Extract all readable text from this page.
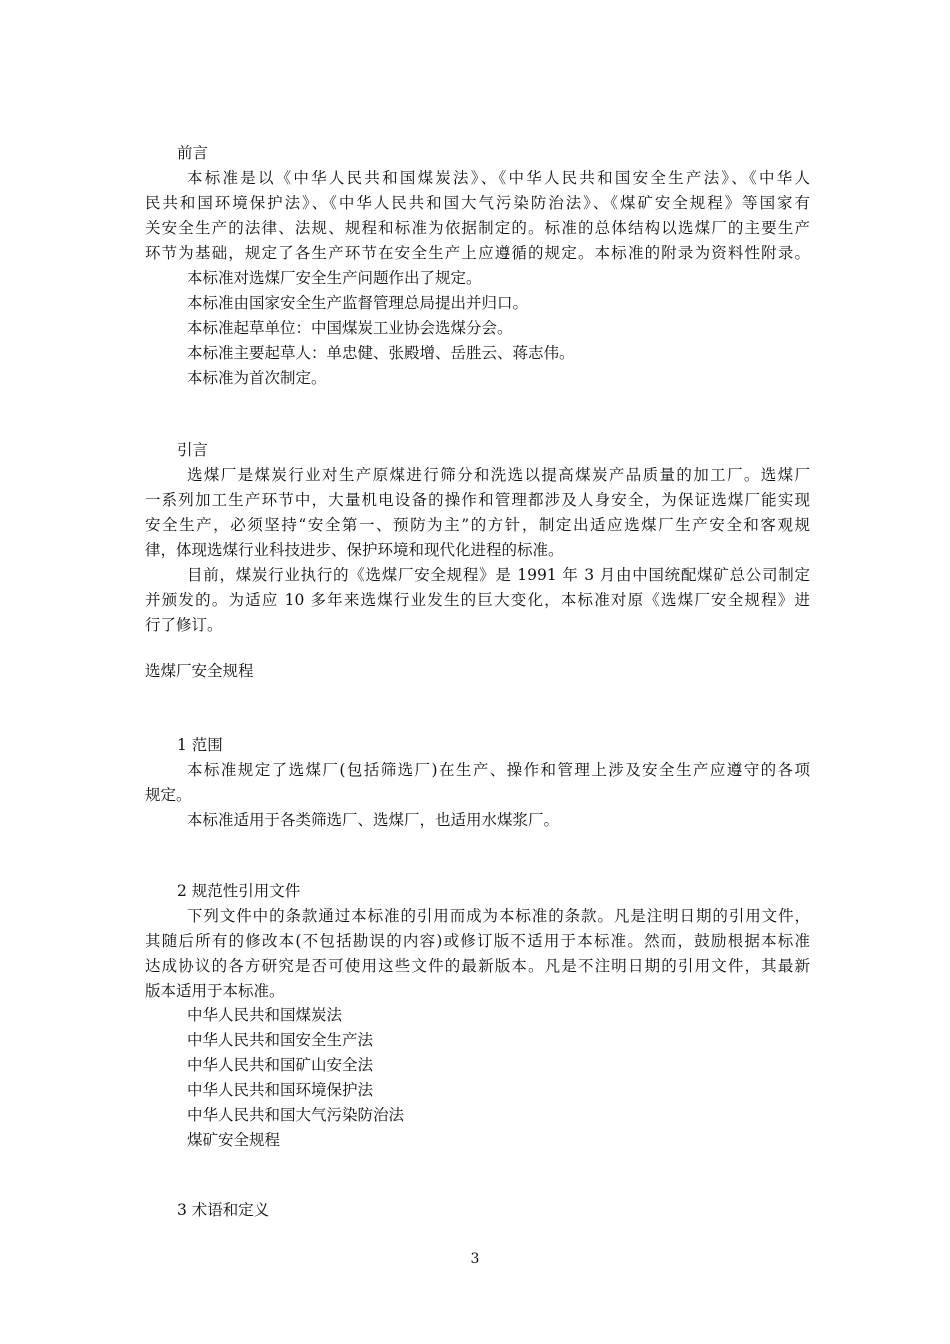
前言
本标准是以《中华人民共和国煤炭法》、《中华人民共和国安全生产法》、《中华人
民共和国环境保护法》、《中华人民共和国大气污染防治法》、《煤矿安全规程》等国家有
关安全生产的法律、法规、规程和标准为依据制定的。标准的总体结构以选煤厂的主要生产
环节为基础，规定了各生产环节在安全生产上应遵循的规定。本标准的附录为资料性附录。
本标准对选煤厂安全生产问题作出了规定。
本标准由国家安全生产监督管理总局提出并归口。
本标准起草单位：中国煤炭工业协会选煤分会。
本标准主要起草人：单忠健、张殿增、岳胜云、蒋志伟。
本标准为首次制定。
引言
选煤厂是煤炭行业对生产原煤进行筛分和洗选以提高煤炭产品质量的加工厂。选煤厂
一系列加工生产环节中，大量机电设备的操作和管理都涉及人身安全，为保证选煤厂能实现
安全生产，必须坚持“安全第一、预防为主”的方针，制定出适应选煤厂生产安全和客观规
律，体现选煤行业科技进步、保护环境和现代化进程的标准。
目前，煤炭行业执行的《选煤厂安全规程》是 1991 年 3 月由中国统配煤矿总公司制定
并颁发的。为适应 10 多年来选煤行业发生的巨大变化，本标准对原《选煤厂安全规程》进
行了修订。
选煤厂安全规程
1 范围
本标准规定了选煤厂(包括筛选厂)在生产、操作和管理上涉及安全生产应遵守的各项
规定。
本标准适用于各类筛选厂、选煤厂，也适用水煤浆厂。
2 规范性引用文件
下列文件中的条款通过本标准的引用而成为本标准的条款。凡是注明日期的引用文件，
其随后所有的修改本(不包括勘误的内容)或修订版不适用于本标准。然而，鼓励根据本标准
达成协议的各方研究是否可使用这些文件的最新版本。凡是不注明日期的引用文件，其最新
版本适用于本标准。
中华人民共和国煤炭法
中华人民共和国安全生产法
中华人民共和国矿山安全法
中华人民共和国环境保护法
中华人民共和国大气污染防治法
煤矿安全规程
3 术语和定义
3
